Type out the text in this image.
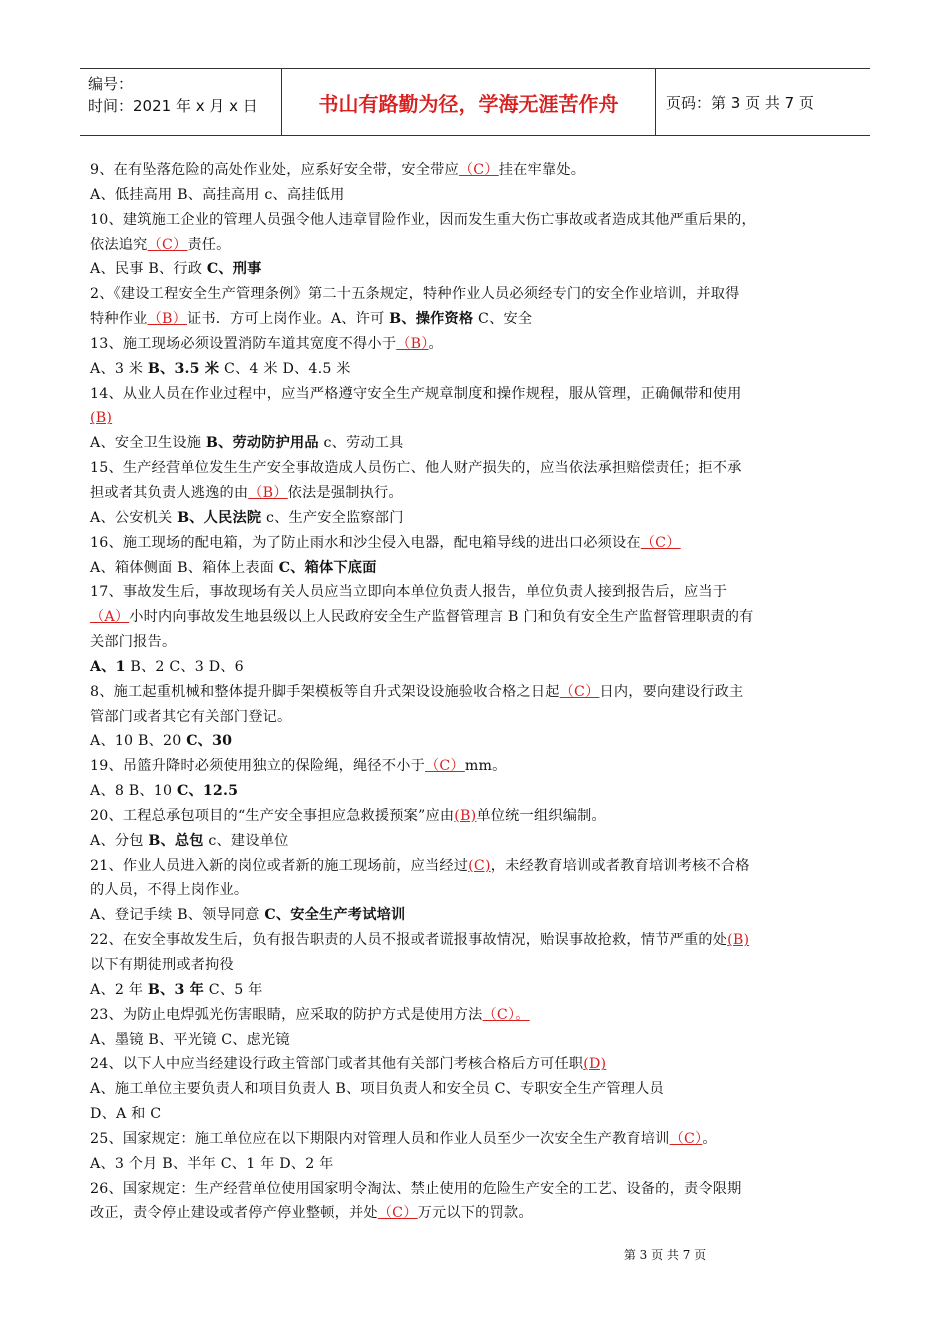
编号：
时间：2021 年 x 月 x 日	书山有路勤为径，学海无涯苦作舟	页码：第 3 页 共 7 页
9、在有坠落危险的高处作业处，应系好安全带，安全带应（C）挂在牢靠处。
A、低挂高用 B、高挂高用 c、高挂低用
10、建筑施工企业的管理人员强令他人违章冒险作业，因而发生重大伤亡事故或者造成其他严重后果的，
依法追究（C）责任。
A、民事 B、行政 C、刑事
2、《建设工程安全生产管理条例》第二十五条规定，特种作业人员必须经专门的安全作业培训，并取得
特种作业（B）证书．方可上岗作业。A、许可 B、操作资格 C、安全
13、施工现场必须设置消防车道其宽度不得小于（B）。
A、3 米 B、3.5 米 C、4 米 D、4.5 米
14、从业人员在作业过程中，应当严格遵守安全生产规章制度和操作规程，服从管理，正确佩带和使用
(B)
A、安全卫生设施 B、劳动防护用品 c、劳动工具
15、生产经营单位发生生产安全事故造成人员伤亡、他人财产损失的，应当依法承担赔偿责任；拒不承
担或者其负责人逃逸的由（B）依法是强制执行。
A、公安机关 B、人民法院 c、生产安全监察部门
16、施工现场的配电箱，为了防止雨水和沙尘侵入电器，配电箱导线的进出口必须设在（C）
A、箱体侧面 B、箱体上表面 C、箱体下底面
17、事故发生后，事故现场有关人员应当立即向本单位负责人报告，单位负责人接到报告后，应当于
（A）小时内向事故发生地县级以上人民政府安全生产监督管理言 B 门和负有安全生产监督管理职责的有
关部门报告。
A、1 B、2 C、3 D、6
8、施工起重机械和整体提升脚手架模板等自升式架设设施验收合格之日起（C）日内，要向建设行政主
管部门或者其它有关部门登记。
A、10 B、20 C、30
19、吊篮升降时必须使用独立的保险绳，绳径不小于（C）mm。
A、8 B、10 C、12.5
20、工程总承包项目的“生产安全事担应急救援预案”应由(B)单位统一组织编制。
A、分包 B、总包 c、建设单位
21、作业人员进入新的岗位或者新的施工现场前，应当经过(C)，未经教育培训或者教育培训考核不合格
的人员，不得上岗作业。
A、登记手续 B、领导同意 C、安全生产考试培训
22、在安全事故发生后，负有报告职责的人员不报或者谎报事故情况，贻误事故抢救，情节严重的处(B)
以下有期徒刑或者拘役
A、2 年 B、3 年 C、5 年
23、为防止电焊弧光伤害眼睛，应采取的防护方式是使用方法（C）。
A、墨镜 B、平光镜 C、虑光镜
24、以下人中应当经建设行政主管部门或者其他有关部门考核合格后方可任职(D)
A、施工单位主要负责人和项目负责人 B、项目负责人和安全员 C、专职安全生产管理人员
D、A 和 C
25、国家规定：施工单位应在以下期限内对管理人员和作业人员至少一次安全生产教育培训（C）。
A、3 个月 B、半年 C、1 年 D、2 年
26、国家规定：生产经营单位使用国家明令淘汰、禁止使用的危险生产安全的工艺、设备的，责令限期
改正，责令停止建设或者停产停业整顿，并处（C）万元以下的罚款。
第 3 页 共 7 页
